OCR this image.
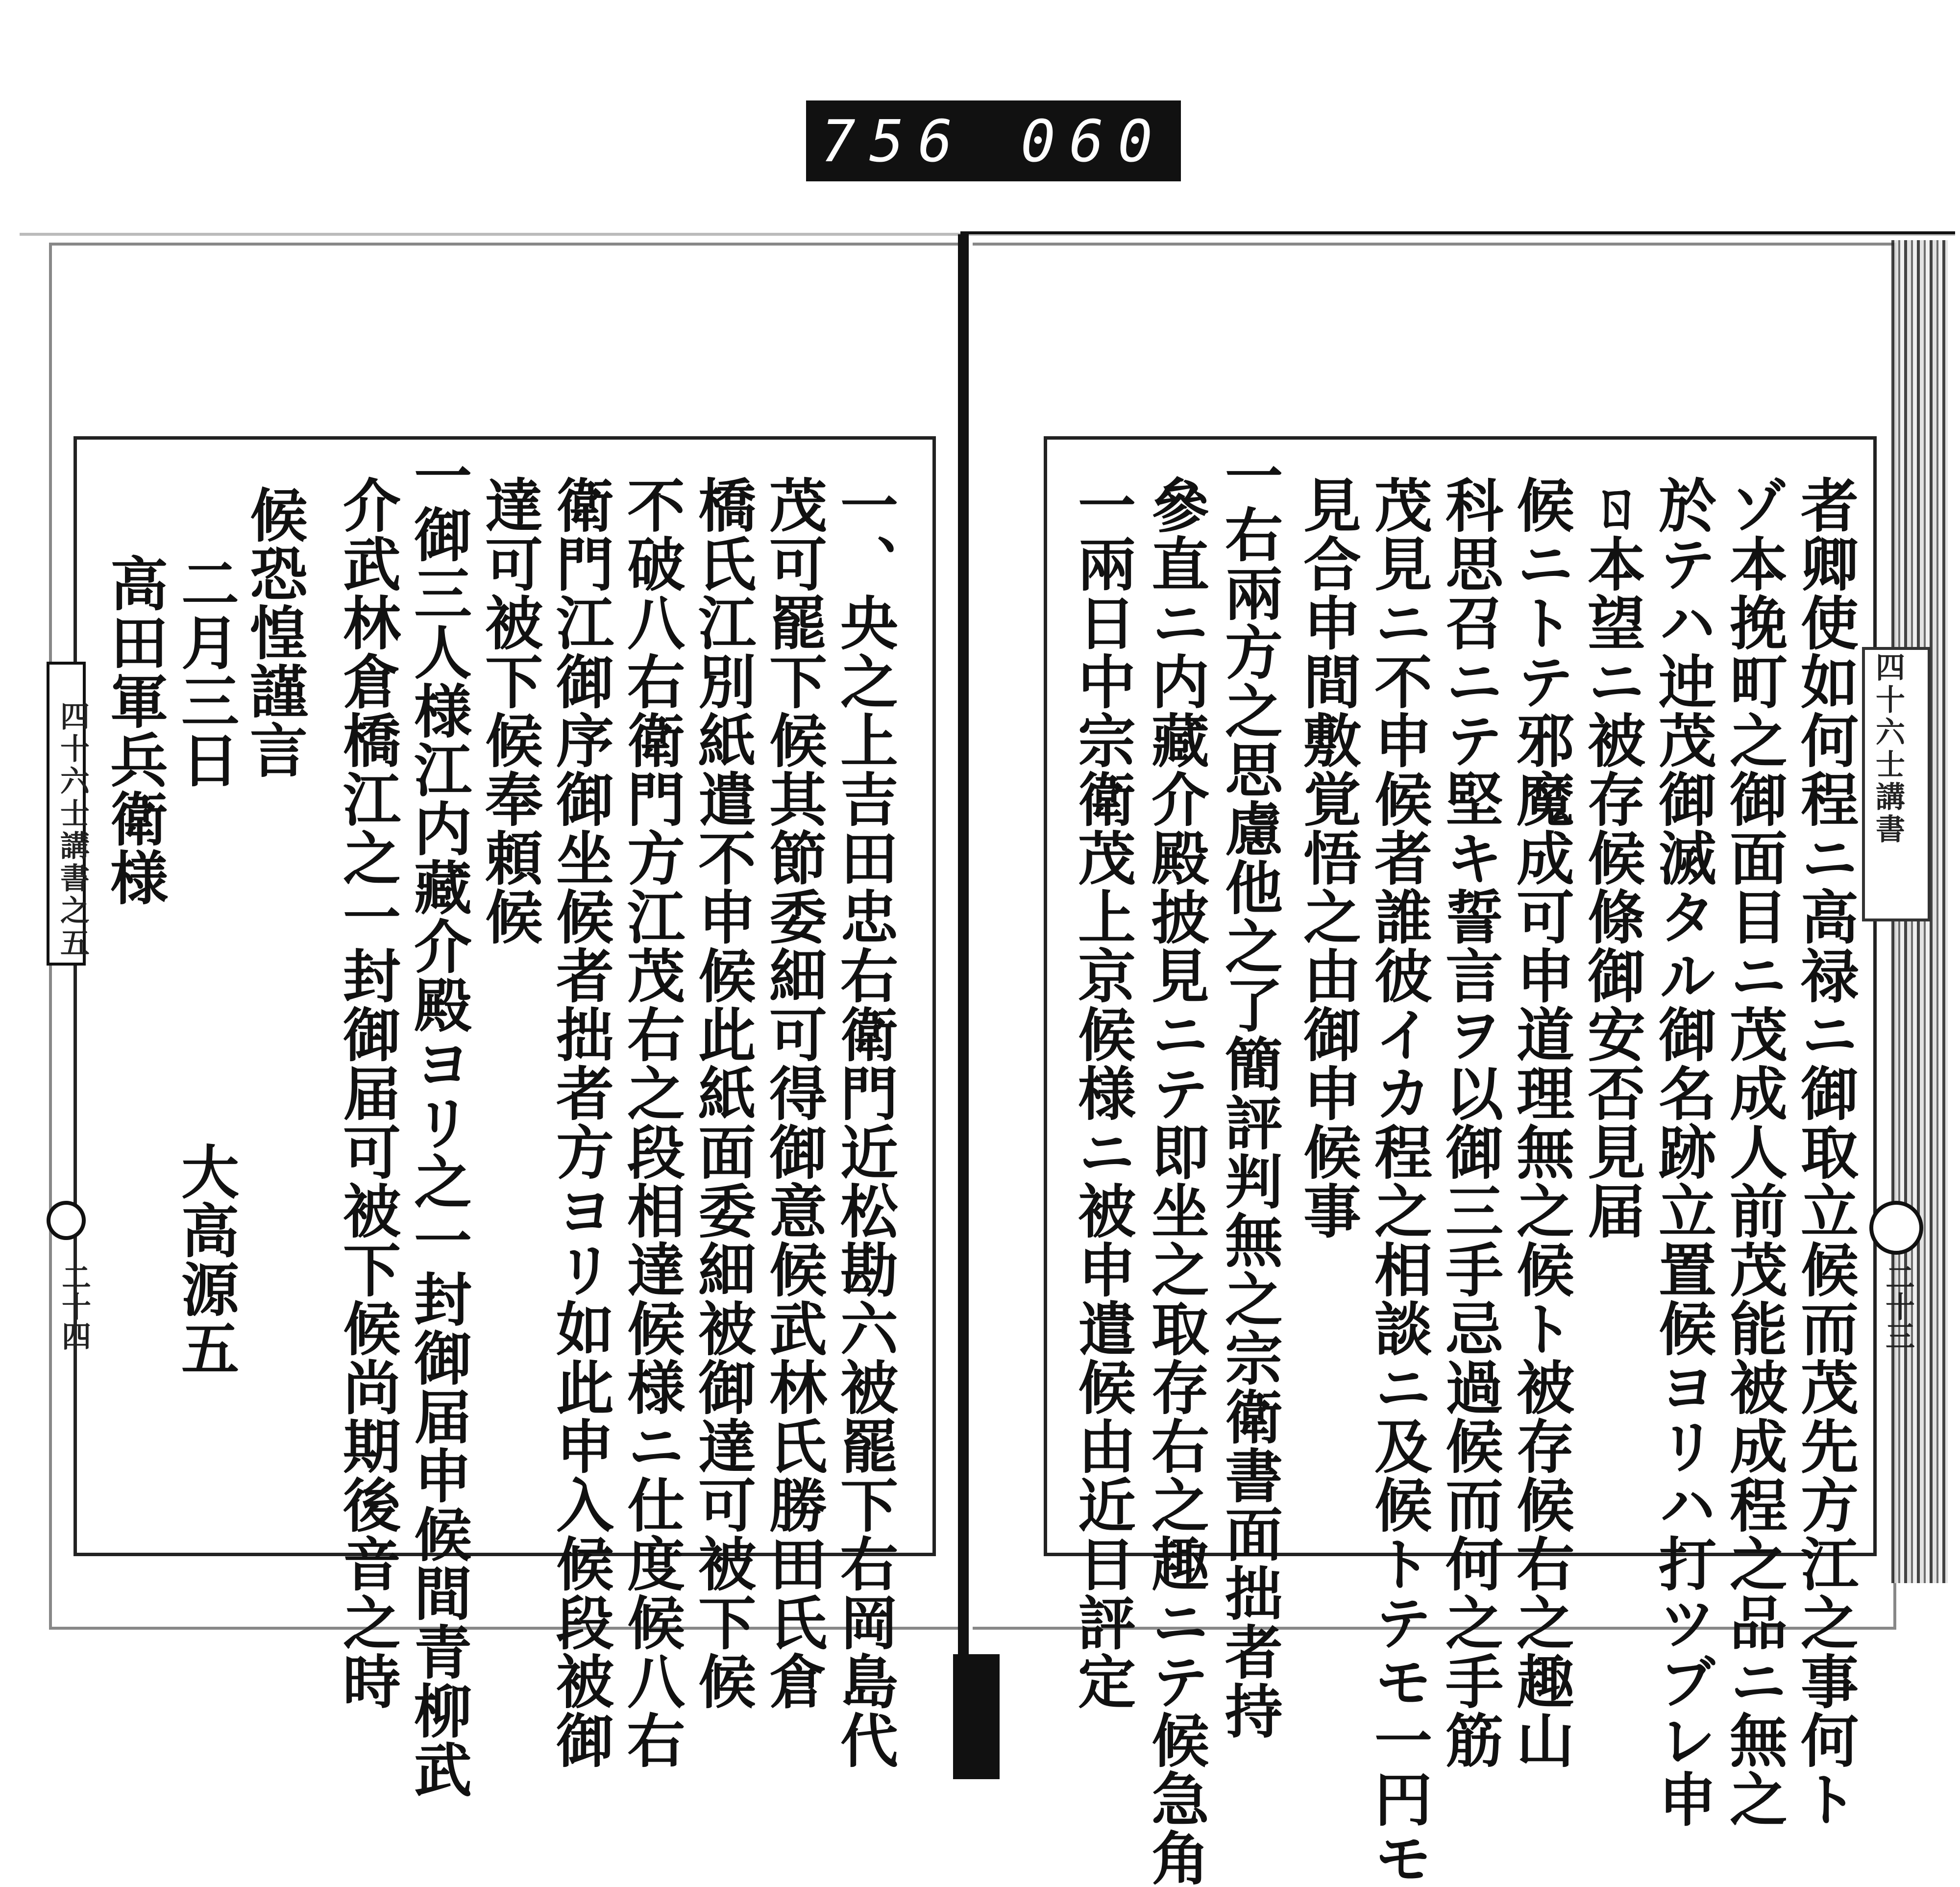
756 060
四十六士講書之五
二十四
四十六士講書
二十三
一、央之上吉田忠右衛門近松勘六被罷下右岡島代
茂可罷下候其節委細可得御意候武林氏勝田氏倉
橋氏江別紙遣不申候此紙面委細被御達可被下候
不破八右衛門方江茂右之段相達候様ニ仕度候八右
衛門江御序御坐候者拙者方ヨリ如此申入候段被御
達可被下候奉頼候
一御三人様江内藏介殿ヨリ之一封御届申候間青柳武
介武林倉橋江之一封御届可被下候尚期後音之時
候恐惶謹言
二月三日
大高源五
高田軍兵衛様	者卿使如何程ニ高禄ニ御取立候而茂先方江之事何ト
ゾ本挽町之御面目ニ茂成人前茂能被成程之品ニ無之
於テハ迚茂御滅タル御名跡立置候ヨリハ打ツブレ申
ㄖ本望ニ被存候條御安否見届
候ニトテ邪魔成可申道理無之候ト被存候右之趣山
科思召ニテ堅キ誓言ヲ以御三手忌過候而何之手筋
茂見ニ不申候者誰彼イカ程之相談ニ及候トテモ一円モ
見合申間敷覚悟之由御申候事
一右兩方之思慮他之了簡評判無之宗衛書面拙者持
參直ニ内藏介殿披見ニテ即坐之取存右之趣ニテ候急角
一兩日中宗衛茂上京候様ニ被申遣候由近日評定
